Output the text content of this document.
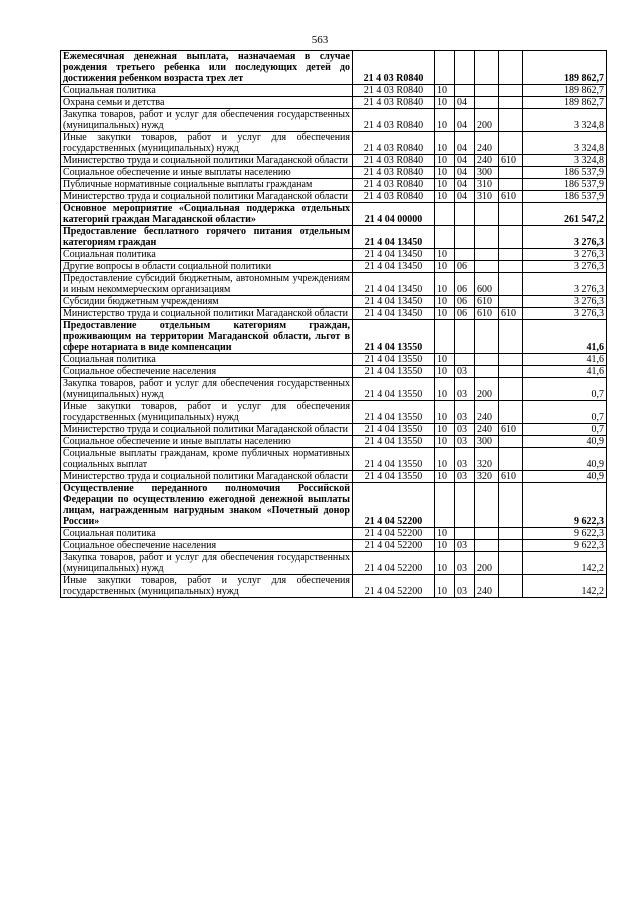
563
Ежемесячная денежная выплата, назначаемая в случае рождения третьего ребенка или последующих детей до достижения ребенком возраста трех лет	21 4 03 R0840					189 862,7
Социальная политика	21 4 03 R0840	10				189 862,7
Охрана семьи и детства	21 4 03 R0840	10	04			189 862,7
Закупка товаров, работ и услуг для обеспечения государственных (муниципальных) нужд	21 4 03 R0840	10	04	200		3 324,8
Иные закупки товаров, работ и услуг для обеспечения государственных (муниципальных) нужд	21 4 03 R0840	10	04	240		3 324,8
Министерство труда и социальной политики Магаданской области	21 4 03 R0840	10	04	240	610	3 324,8
Социальное обеспечение и иные выплаты населению	21 4 03 R0840	10	04	300		186 537,9
Публичные нормативные социальные выплаты гражданам	21 4 03 R0840	10	04	310		186 537,9
Министерство труда и социальной политики Магаданской области	21 4 03 R0840	10	04	310	610	186 537,9
Основное мероприятие «Социальная поддержка отдельных категорий граждан Магаданской области»	21 4 04 00000					261 547,2
Предоставление бесплатного горячего питания отдельным категориям граждан	21 4 04 13450					3 276,3
Социальная политика	21 4 04 13450	10				3 276,3
Другие вопросы в области социальной политики	21 4 04 13450	10	06			3 276,3
Предоставление субсидий бюджетным, автономным учреждениям и иным некоммерческим организациям	21 4 04 13450	10	06	600		3 276,3
Субсидии бюджетным учреждениям	21 4 04 13450	10	06	610		3 276,3
Министерство труда и социальной политики Магаданской области	21 4 04 13450	10	06	610	610	3 276,3
Предоставление отдельным категориям граждан, проживающим на территории Магаданской области, льгот в сфере нотариата в виде компенсации	21 4 04 13550					41,6
Социальная политика	21 4 04 13550	10				41,6
Социальное обеспечение населения	21 4 04 13550	10	03			41,6
Закупка товаров, работ и услуг для обеспечения государственных (муниципальных) нужд	21 4 04 13550	10	03	200		0,7
Иные закупки товаров, работ и услуг для обеспечения государственных (муниципальных) нужд	21 4 04 13550	10	03	240		0,7
Министерство труда и социальной политики Магаданской области	21 4 04 13550	10	03	240	610	0,7
Социальное обеспечение и иные выплаты населению	21 4 04 13550	10	03	300		40,9
Социальные выплаты гражданам, кроме публичных нормативных социальных выплат	21 4 04 13550	10	03	320		40,9
Министерство труда и социальной политики Магаданской области	21 4 04 13550	10	03	320	610	40,9
Осуществление переданного полномочия Российской Федерации по осуществлению ежегодной денежной выплаты лицам, награжденным нагрудным знаком «Почетный донор России»	21 4 04 52200					9 622,3
Социальная политика	21 4 04 52200	10				9 622,3
Социальное обеспечение населения	21 4 04 52200	10	03			9 622,3
Закупка товаров, работ и услуг для обеспечения государственных (муниципальных) нужд	21 4 04 52200	10	03	200		142,2
Иные закупки товаров, работ и услуг для обеспечения государственных (муниципальных) нужд	21 4 04 52200	10	03	240		142,2
